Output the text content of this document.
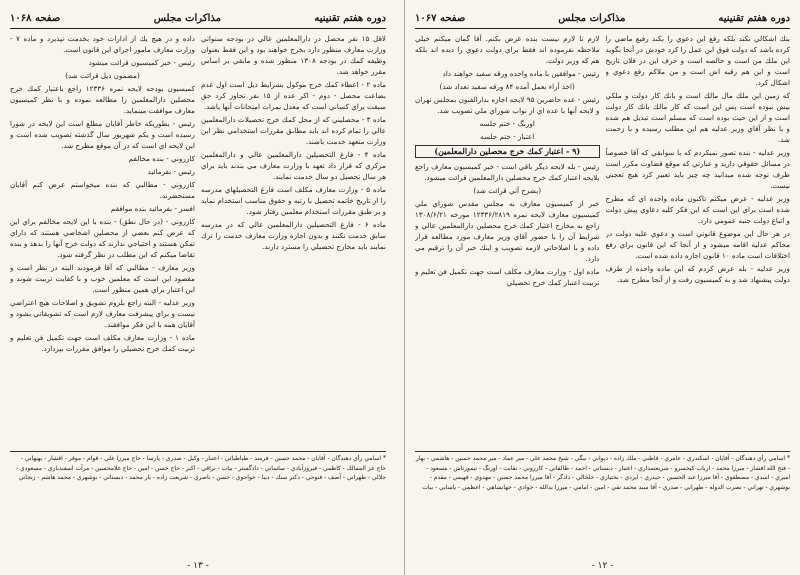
دوره هفتم تقنینیه
مذاکرات مجلس
صفحه ۱۰۶۷

بنك اشكالي نكند بلكه رفع اين دعوي را بكند رفيع ماضي را كرده باشد كه دولت فوق اين عمل را كرد خودش در آنجا بگويد اين ملك من است و خالصه است و حرف اين در فلان تاريخ است و اين هم رقبه اش است و من ملاكم رفع دعوي و اشكال كرد.

كه زمين اين ملك مال مالك است و بانك كار دولت و ملكي بيش نبوده است پس اين است كه كار مالك بانك كار دولت است و از اين حيث بوده است كه مسلم است تبديل هم شده و با نظر آقاي وزير عدليه هم اين مطلب رسيده و با زحمت شد.

وزير عدليه - بنده تصور نميكردم كه با سوابقي كه آقا خصوصاً در مسائل حقوقي داريد و عبارتي كه موقع قضاوت مكرر است طرف توجه شده ميدانيد چه چيز بايد تعبير كرد هيچ تعجبي نيست.

وزير عدليه - عرض ميكنم تاكنون ماده واحده اي كه مطرح شده است براي اين است كه اين فكر كليه دعاوي پيش دولت و اتباع دولت جنبه عمومي دارد.

در هر حال اين موضوع قانوني است و دعوي عليه دولت در محاكم عدليه اقامه ميشود و از آنجا كه اين قانون براي رفع اختلافات است ماده ۱۰ قانون اجازه داده شده است.

وزير عدليه - بله عرض كردم كه اين ماده واحده از طرف دولت پيشنهاد شد و به كميسيون رفت و از آنجا مطرح شد.

لازم تا لازم نيست بنده عرض بكنم. آقا گمان ميكنم خيلي ملاحظه نفرموده اند فقط براي دولت دعوي را ديده اند بلكه هم كه وزير دولت.

رئيس - موافقين با ماده واحده ورقه سفيد خواهند داد

(اخذ آراء بعمل آمده ۸۴ ورقه سفيد تعداد شد)

رئيس - عده حاضرين ۹۵ لايحه اجازه بدارالفنون بمجلس تهران و لايحه آنها با عده اي از نواب شوراي ملي تصويب شد.

اورنگ - ختم جلسه

اعتبار - ختم جلسه

(۹ - اعتبار كمك خرج محصلين دارالمعلمين)

رئيس - بله لايحه ديگر باقي است - خبر كميسيون معارف راجع بلايحه اعتبار كمك خرج محصلين دارالمعلمين قرائت ميشود.

(بشرح آتي قرائت شد)

خبر از كميسيون معارف به مجلس مقدس شوراي ملي كميسيون معارف لايحه نمره ۱۲۳۳۶/۲۸۱۹ مورخه ۱۳۰۸/۶/۲۱ راجع به مخارج اعتبار كمك خرج محصلين دارالمعلمين عالي و شرايط آن را با حضور آقاي وزير معارف مورد مطالعه قرار داده و با اصلاحاتي لازمه تصويب و اينك خبر آن را ترقيم مي دارد.

ماده اول - وزارت معارف مكلف است جهت تكميل فن تعليم و تربيت اعتبار كمك خرج تحصيلي

* اسامي رأي دهندگان - آقايان - اسكندري - عامري - قاطني - ملك زاده - ديواني - بيگي - شيخ محمد علي - مير عماد - مير محمد حسين - هاشمي - بهار - فتح الله افشار - ميرزا محمد - ارباب كيخسرو - شريعتمداري - اعتبار - دبستاني - احمد - طالقاني - كازروني - نقابت - اورنگ - تيمورتاش - مسعود - اميري - اسدي - مصطفوي - آقا ميرزا عبد الحسين - حيدري - ايزدي - بختياري - خلخالي - دادگر - آقا ميرزا محمد حسين - مهدوي - فهيمي - مقدم - بوشهري - تهراني - نصرت الدوله - طهراني - صدري - آقا سيد محمد تقي - امين - امامي - ميرزا يدالله - جوادي - جهانشاهي - اعظمي - ياسايي - بيات
- ۱۲ -
دوره هفتم تقنینیه
مذاکرات مجلس
صفحه ۱۰۶۸

لاقل ۱۵ نفر محصل در دارالمعلمين عالي در بودجه سنواتي وزارت معارف منظور دارد بخرج خواهند بود و اين فقط بعنوان وظيفه كمك در بودجه ۱۳۰۸ منظور شده و مابقي بر اساس مقرر خواهد شد.

ماده ۲ - اعطاء كمك خرج موكول بشرايط ذيل است اول عدم بضاعت محصل - دوم - اكر عده از ۱۵ نفر تجاوز كرد حق سبقت براي كساني است كه معدل نمرات امتحانات آنها باشد.

ماده ۳ - محصليني كه از محل كمك خرج تحصيلات دارالمعلمين عالي را تمام كرده اند بايد مطابق مقررات استخدامي نظر اين وزارت متعهد خدمت باشند.

ماده ۴ - فارغ التحصيلين دارالمعلمين عالي و دارالمعلمين مركزي كه قرار داد تعهد با وزارت معارف مي بندند بايد براي هر سال تحصيل دو سال خدمت نمايند.

ماده ۵ - وزارت معارف مكلف است فارغ التحصيلهاي مدرسه را از تاريخ خاتمه تحصيل با رتبه و حقوق مناسب استخدام نمايد و بر طبق مقررات استخدام معلمين رفتار شود.

ماده ۶ - فارغ التحصيلين دارالمعلمين عالي كه در مدرسه سابق خدمت نكنند و بدون اجازه وزارت معارف خدمت را ترك نمايند بايد مخارج تحصيلي را مسترد دارند.

داده و در هيچ يك از ادارات خود بخدمت نپذيرد و ماده ۷ - وزارت معارف مامور اجراي اين قانون است.

رئيس - خبر كميسيون قرائت ميشود

(مضمون ذيل قرائت شد)

كميسيون بودجه لايحه نمره ۱۲۳۳۶ راجع باعتبار كمك خرج محصلين دارالمعلمين را مطالعه نموده و با نظر كميسيون معارف موافقت مينمايد.

رئيس - بطوريكه خاطر آقايان مطلع است اين لايحه در شورا رسيده است و يكم شهريور سال گذشته تصويب شده است و اين لايحه اي است كه در آن موقع مطرح شد.

كازروني - بنده مخالفم

رئيس - بفرمائيد

كازروني - مطالبي كه بنده ميخواستم عرض كنم آقايان مستحضرند.

افسر - بفرمائيد بنده موافقم

كازروني - (در حال نطق) - بنده با اين لايحه مخالفم براي اين كه عرض كنم بعضي از محصلين اشخاصي هستند كه داراي تمكن هستند و احتياجي ندارند كه دولت خرج آنها را بدهد و بنده تقاضا ميكنم كه اين مطلب در نظر گرفته شود.

وزير معارف - مطالبي كه آقا فرمودند البته در نظر است و مقصود اين است كه معلمين خوب و با كفايت تربيت شوند و اين اعتبار براي همين منظور است.

وزير عدليه - البته راجع بلزوم تشويق و اصلاحات هيچ اعتراضي نيست و براي پيشرفت معارف لازم است كه تشويقاتي بشود و آقايان همه با اين فكر موافقند.

ماده ۱ - وزارت معارف مكلف است جهت تكميل فن تعليم و تربيت كمك خرج تحصيلي را موافق مقررات بپردازد.

* اسامي رأي دهندگان - آقايان - محمد حسين - فرمند - طباطبائي - اعتبار - وكيل - صدري - پارسا - حاج ميرزا علي - قوام - موقر - افشار - بهبهاني - حاج عز الممالك - كاظمي - فيروزآبادي - ساساني - دادگستر - بيات - نراقي - اكبر - حاج حسن - امين - حاج غلامحسين - مرآت اسفندياري - مسعودي - جلالي - طهراني - آصف - فتوحي - دكتر سنك - ديبا - خواجوي - حسن - ناصري - شريعت زاده - يار محمد - دبستاني - بوشهري - محمد هاشم - زنجاني
- ۱۳ -
